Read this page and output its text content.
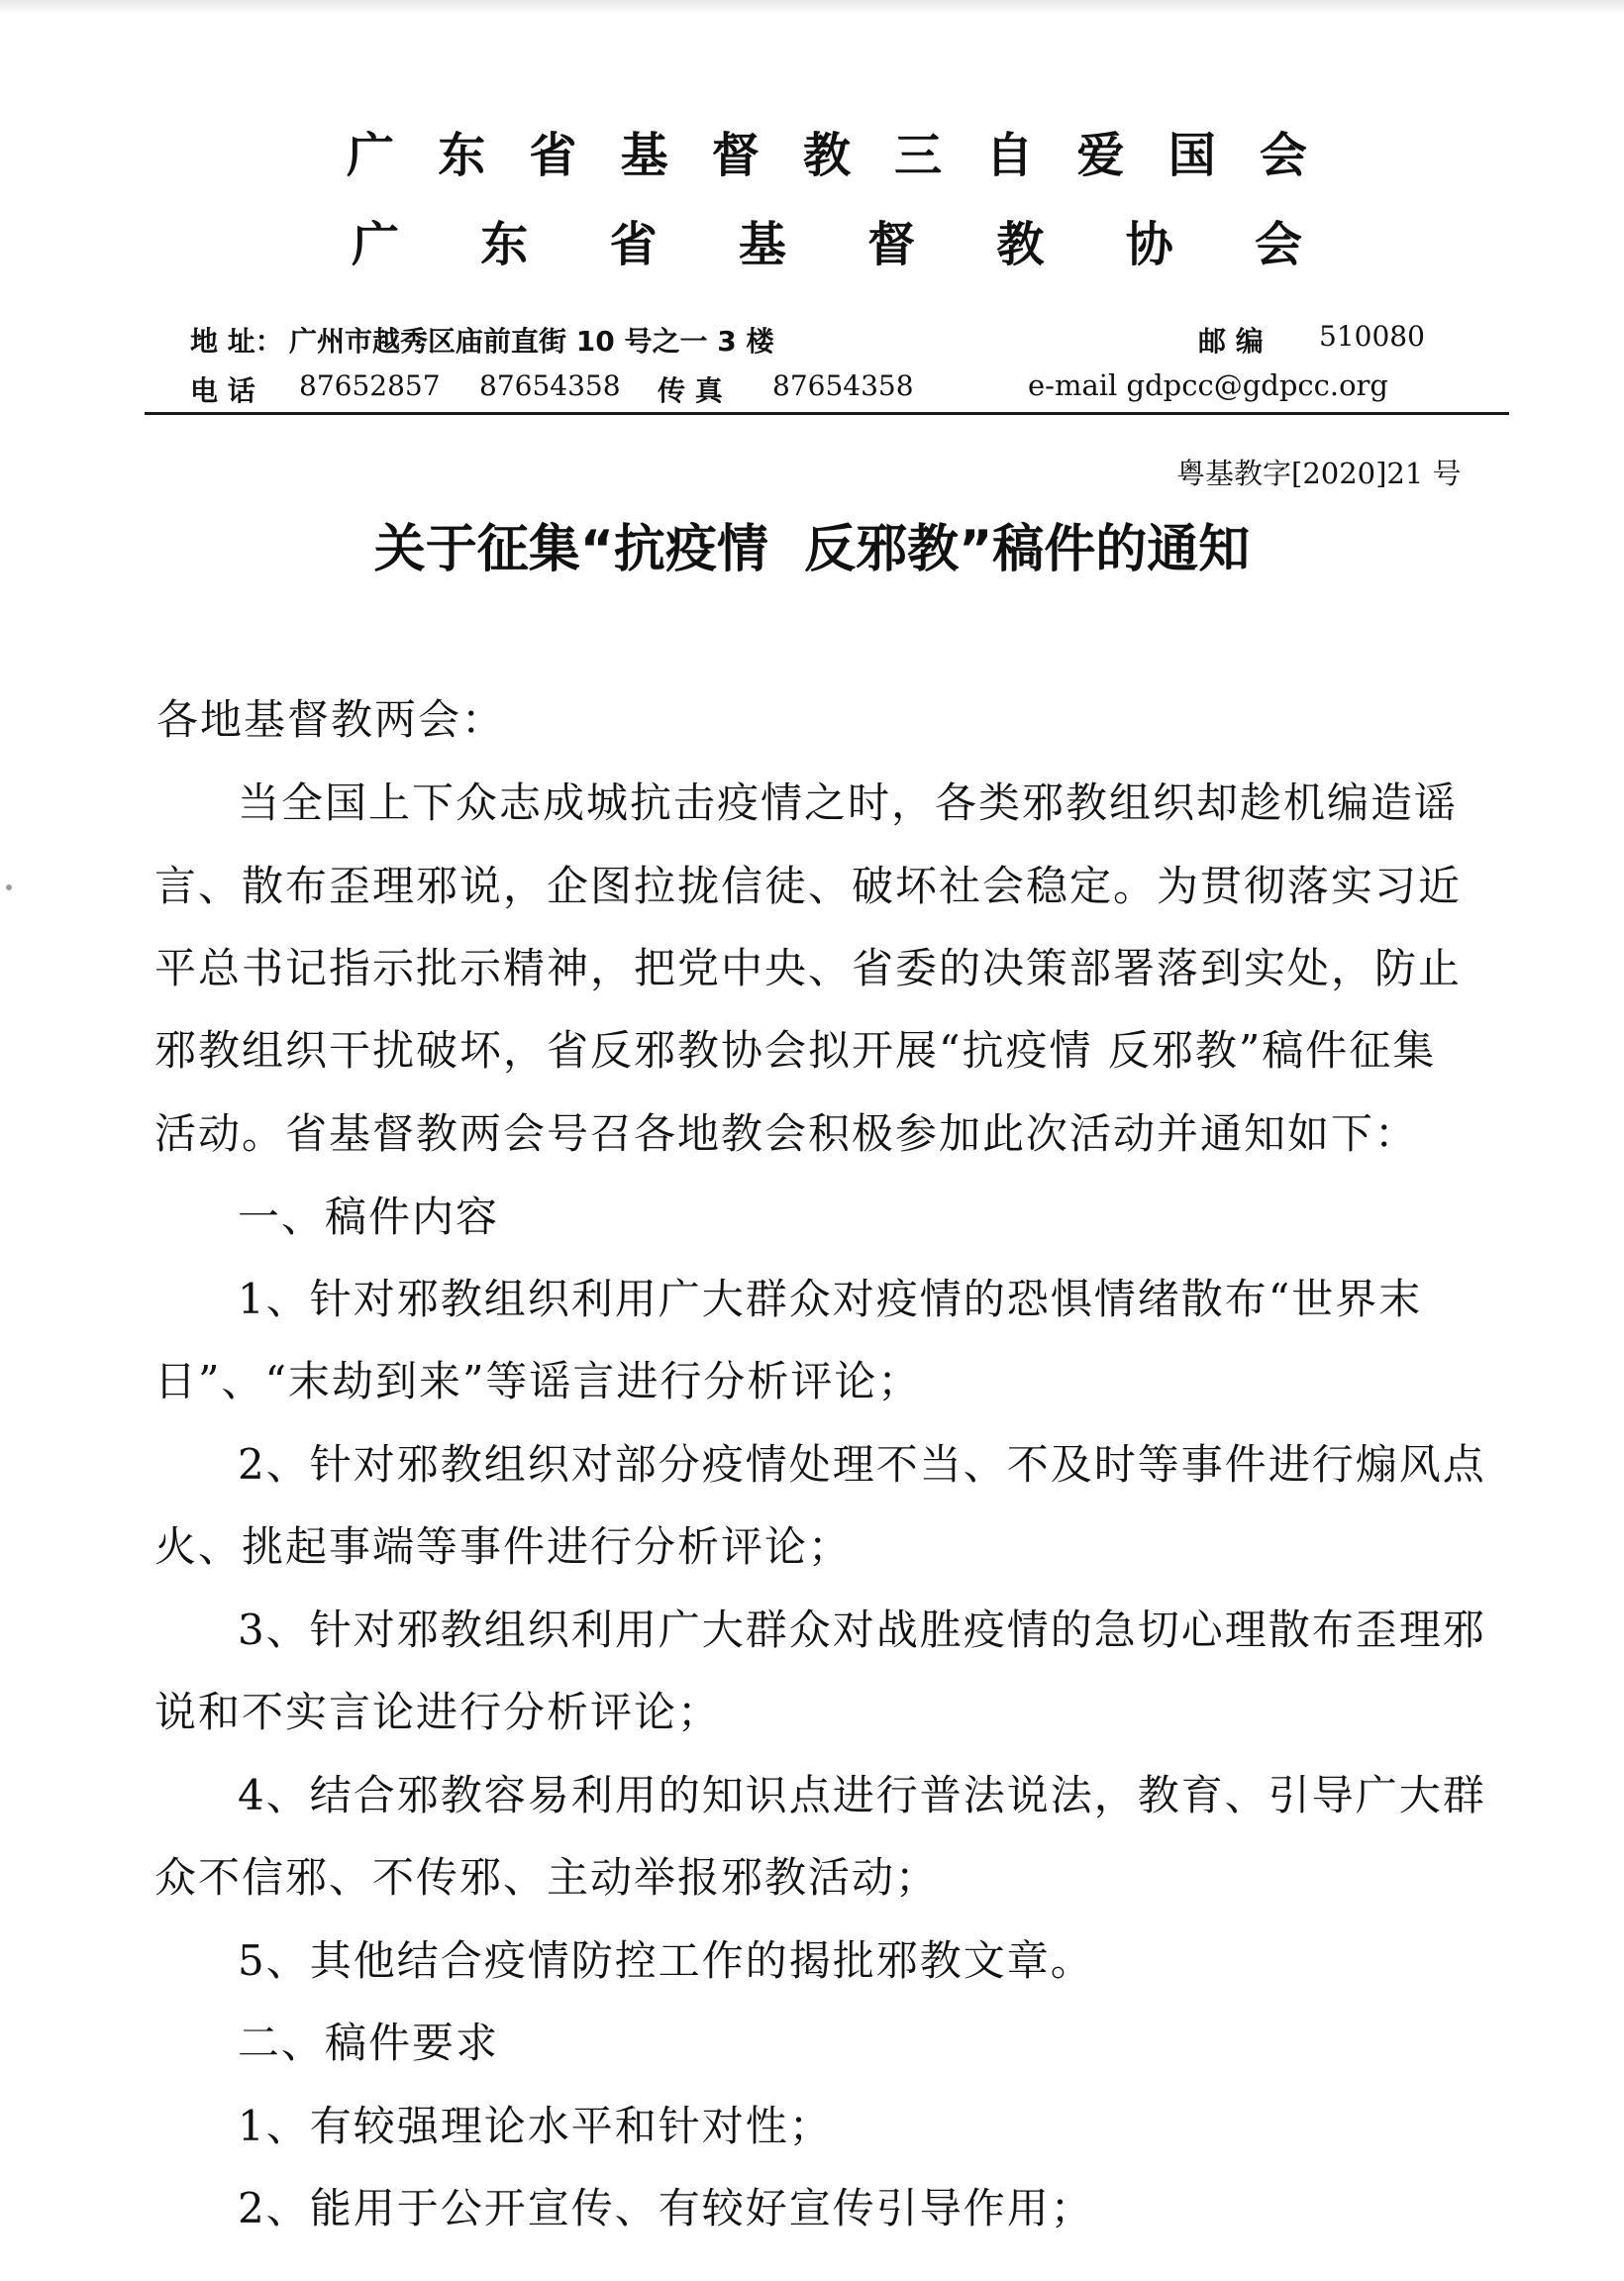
广 东 省 基 督 教 三 自 爱 国 会
广 东 省 基 督 教 协 会
地 址： 广州市越秀区庙前直街 10 号之一 3 楼	邮 编 510080
电 话 87652857 87654358 传 真 87654358	e-mail gdpcc@gdpcc.org
粤基教字[2020]21 号
关于征集“抗疫情  反邪教”稿件的通知
各地基督教两会：
当全国上下众志成城抗击疫情之时，各类邪教组织却趁机编造谣
言、散布歪理邪说，企图拉拢信徒、破坏社会稳定。为贯彻落实习近
平总书记指示批示精神，把党中央、省委的决策部署落到实处，防止
邪教组织干扰破坏，省反邪教协会拟开展“抗疫情 反邪教”稿件征集
活动。省基督教两会号召各地教会积极参加此次活动并通知如下：
一、稿件内容
1、针对邪教组织利用广大群众对疫情的恐惧情绪散布“世界末
日”、“末劫到来”等谣言进行分析评论；
2、针对邪教组织对部分疫情处理不当、不及时等事件进行煽风点
火、挑起事端等事件进行分析评论；
3、针对邪教组织利用广大群众对战胜疫情的急切心理散布歪理邪
说和不实言论进行分析评论；
4、结合邪教容易利用的知识点进行普法说法，教育、引导广大群
众不信邪、不传邪、主动举报邪教活动；
5、其他结合疫情防控工作的揭批邪教文章。
二、稿件要求
1、有较强理论水平和针对性；
2、能用于公开宣传、有较好宣传引导作用；
